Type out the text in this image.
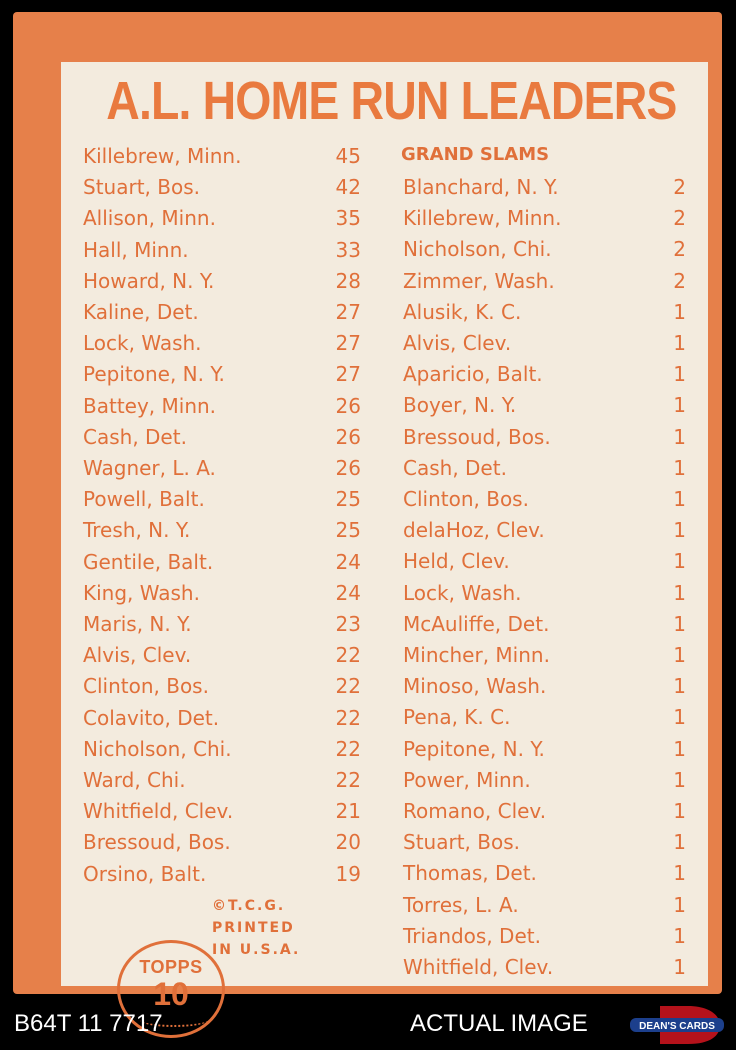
A.L. HOME RUN LEADERS
Killebrew, Minn.	45
Stuart, Bos.	42
Allison, Minn.	35
Hall, Minn.	33
Howard, N. Y.	28
Kaline, Det.	27
Lock, Wash.	27
Pepitone, N. Y.	27
Battey, Minn.	26
Cash, Det.	26
Wagner, L. A.	26
Powell, Balt.	25
Tresh, N. Y.	25
Gentile, Balt.	24
King, Wash.	24
Maris, N. Y.	23
Alvis, Clev.	22
Clinton, Bos.	22
Colavito, Det.	22
Nicholson, Chi.	22
Ward, Chi.	22
Whitfield, Clev.	21
Bressoud, Bos.	20
Orsino, Balt.	19
Blanchard, N. Y.	2
Killebrew, Minn.	2
Nicholson, Chi.	2
Zimmer, Wash.	2
Alusik, K. C.	1
Alvis, Clev.	1
Aparicio, Balt.	1
Boyer, N. Y.	1
Bressoud, Bos.	1
Cash, Det.	1
Clinton, Bos.	1
delaHoz, Clev.	1
Held, Clev.	1
Lock, Wash.	1
McAuliffe, Det.	1
Mincher, Minn.	1
Minoso, Wash.	1
Pena, K. C.	1
Pepitone, N. Y.	1
Power, Minn.	1
Romano, Clev.	1
Stuart, Bos.	1
Thomas, Det.	1
Torres, L. A.	1
Triandos, Det.	1
Whitfield, Clev.	1
GRAND SLAMS
TOPPS
10
©T.C.G.
PRINTED
IN U.S.A.
B64T 11 7717	ACTUAL IMAGE	DEAN'S CARDS
